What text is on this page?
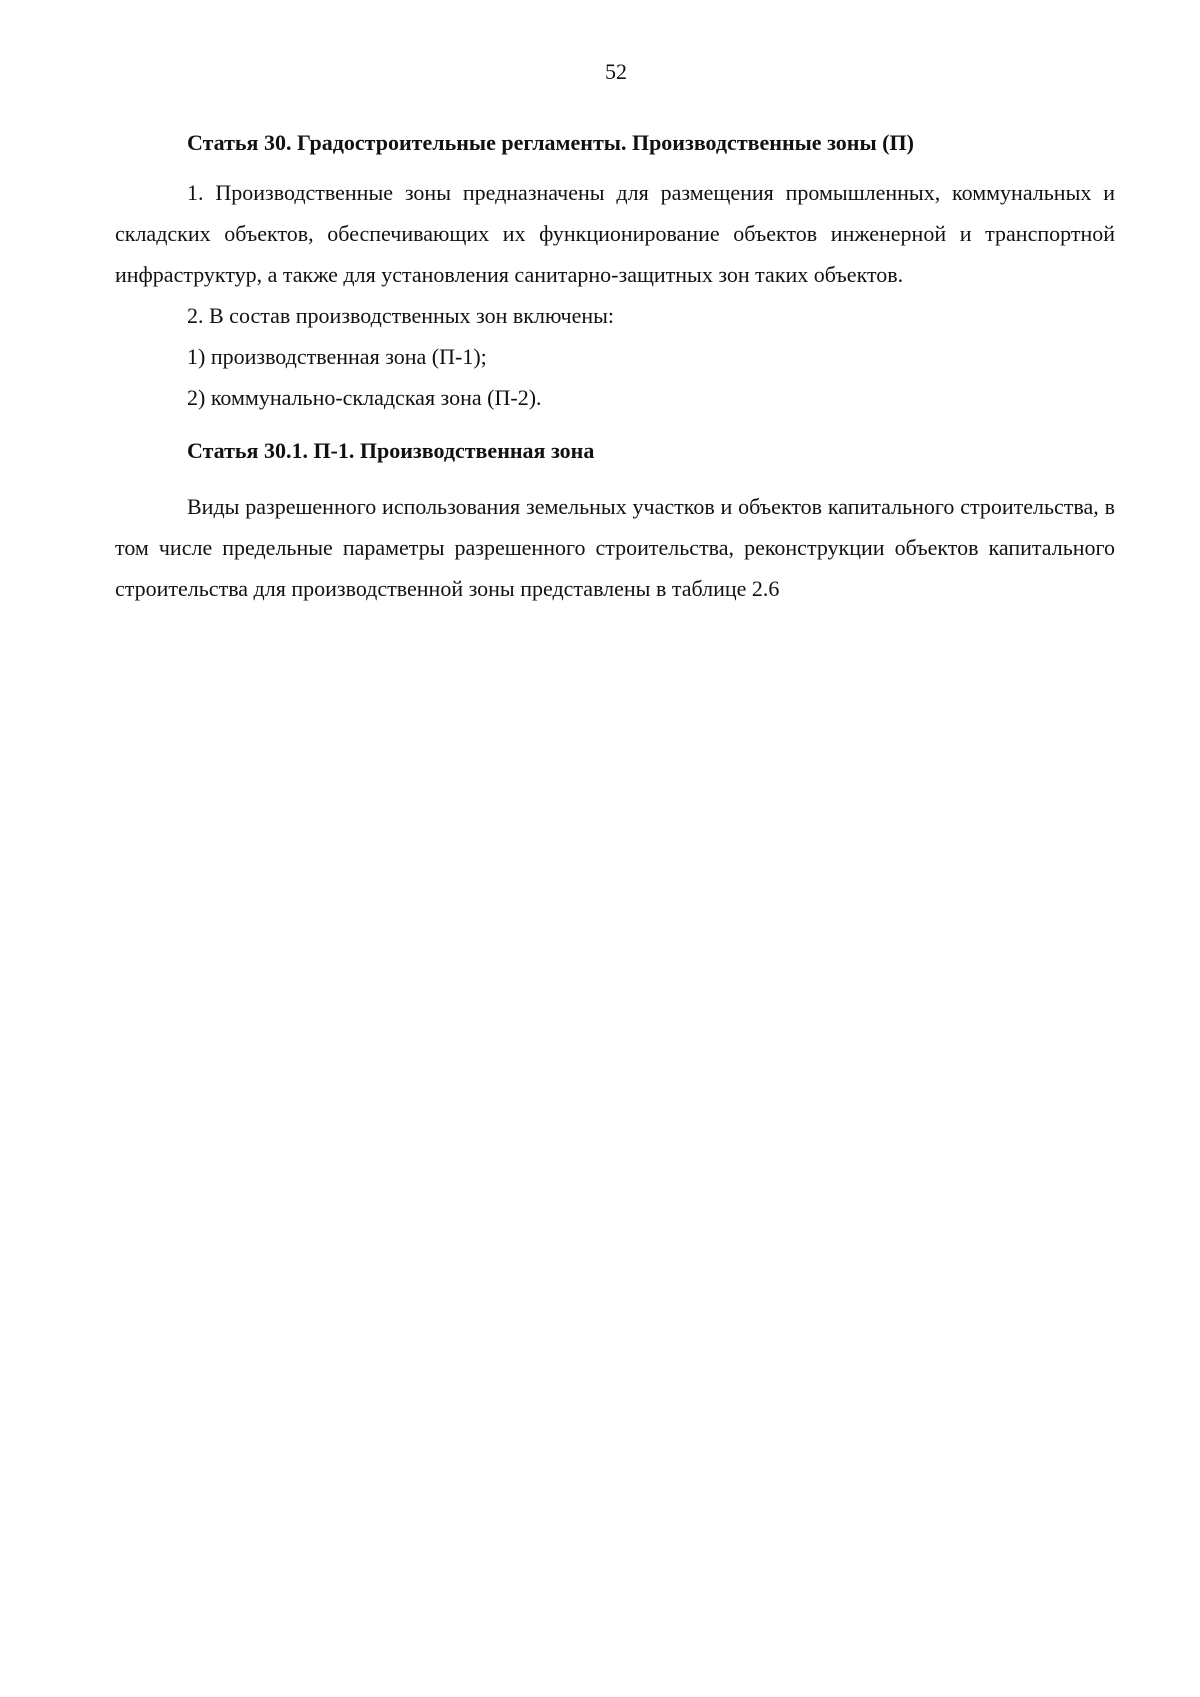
52
Статья 30. Градостроительные регламенты. Производственные зоны (П)

1. Производственные зоны предназначены для размещения промышленных, коммунальных и складских объектов, обеспечивающих их функционирование объектов инженерной и транспортной инфраструктур, а также для установления санитарно-защитных зон таких объектов.

2. В состав производственных зон включены:

1) производственная зона (П-1);

2) коммунально-складская зона (П-2).

Статья 30.1. П-1. Производственная зона

Виды разрешенного использования земельных участков и объектов капитального строительства, в том числе предельные параметры разрешенного строительства, реконструкции объектов капитального строительства для производственной зоны представлены в таблице 2.6
